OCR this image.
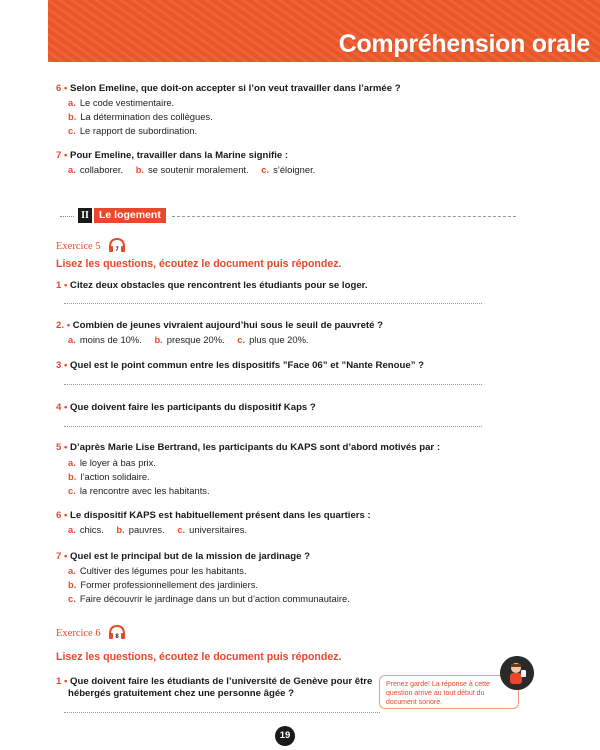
Compréhension orale
6 • Selon Emeline, que doit-on accepter si l’on veut travailler dans l’armée ?
a. Le code vestimentaire.
b. La détermination des collègues.
c. Le rapport de subordination.
7 • Pour Emeline, travailler dans la Marine signifie :
a. collaborer. b. se soutenir moralement. c. s’éloigner.
II Le logement
Exercice 5 7
Lisez les questions, écoutez le document puis répondez.
1 • Citez deux obstacles que rencontrent les étudiants pour se loger.
2. • Combien de jeunes vivraient aujourd’hui sous le seuil de pauvreté ?
a. moins de 10%. b. presque 20%. c. plus que 20%.
3 • Quel est le point commun entre les dispositifs ”Face 06” et ”Nante Renoue” ?
4 • Que doivent faire les participants du dispositif Kaps ?
5 • D’après Marie Lise Bertrand, les participants du KAPS sont d’abord motivés par :
a. le loyer à bas prix.
b. l’action solidaire.
c. la rencontre avec les habitants.
6 • Le dispositif KAPS est habituellement présent dans les quartiers :
a. chics. b. pauvres. c. universitaires.
7 • Quel est le principal but de la mission de jardinage ?
a. Cultiver des légumes pour les habitants.
b. Former professionnellement des jardiniers.
c. Faire découvrir le jardinage dans un but d’action communautaire.
Exercice 6 8
Lisez les questions, écoutez le document puis répondez.
1 • Que doivent faire les étudiants de l’université de Genève pour être
hébergés gratuitement chez une personne âgée ?
Prenez garde! La réponse à cette question arrive au tout début du document sonore.
19
